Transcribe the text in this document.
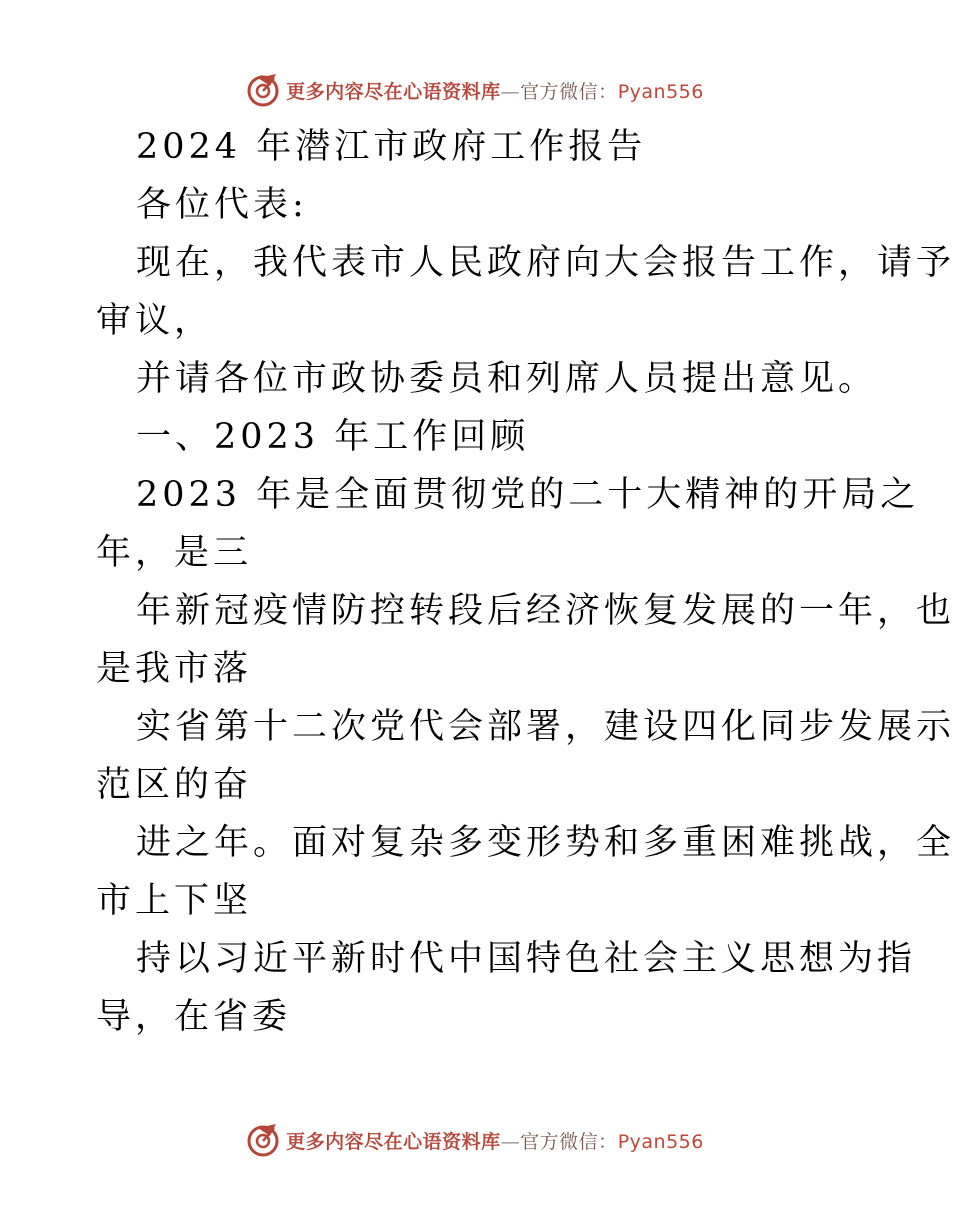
更多内容尽在心语资料库—官方微信：Pyan556
2024 年潜江市政府工作报告
各位代表:
现在，我代表市人民政府向大会报告工作，请予
审议，
并请各位市政协委员和列席人员提出意见。
一、2023 年工作回顾
2023 年是全面贯彻党的二十大精神的开局之
年，是三
年新冠疫情防控转段后经济恢复发展的一年，也
是我市落
实省第十二次党代会部署，建设四化同步发展示
范区的奋
进之年。面对复杂多变形势和多重困难挑战，全
市上下坚
持以习近平新时代中国特色社会主义思想为指
导，在省委
更多内容尽在心语资料库—官方微信：Pyan556
